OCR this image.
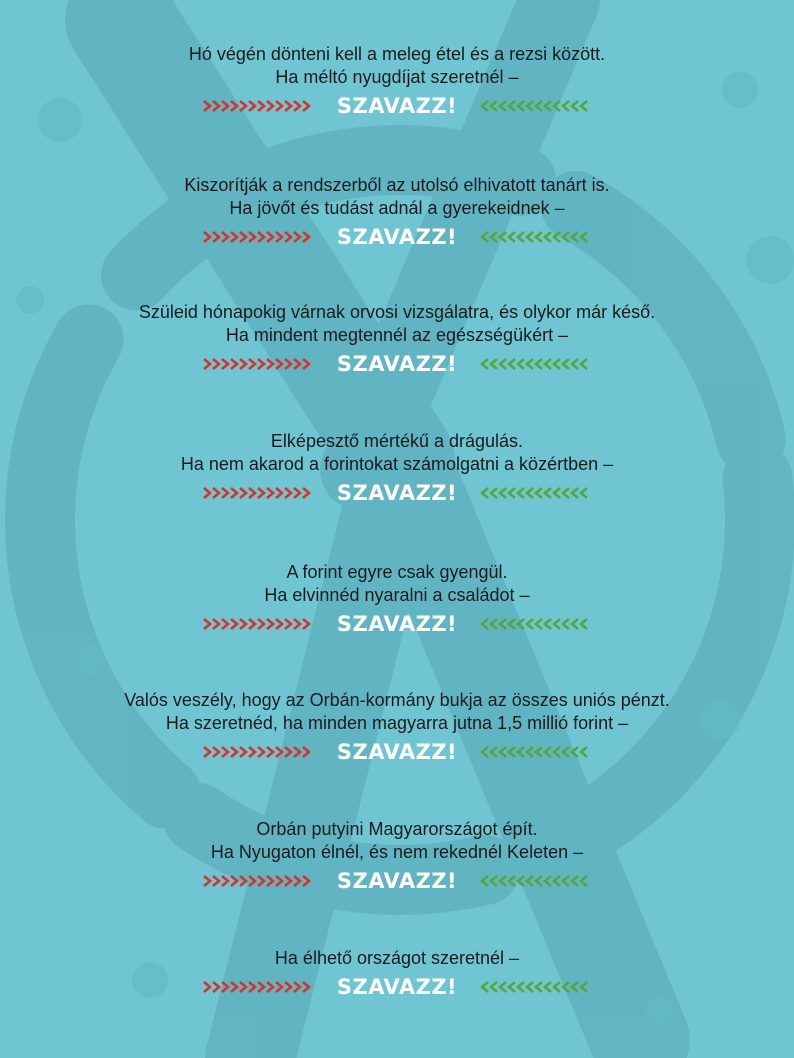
Hó végén dönteni kell a meleg étel és a rezsi között.
Ha méltó nyugdíjat szeretnél –
SZAVAZZ!
Kiszorítják a rendszerből az utolsó elhivatott tanárt is.
Ha jövőt és tudást adnál a gyerekeidnek –
SZAVAZZ!
Szüleid hónapokig várnak orvosi vizsgálatra, és olykor már késő.
Ha mindent megtennél az egészségükért –
SZAVAZZ!
Elképesztő mértékű a drágulás.
Ha nem akarod a forintokat számolgatni a közértben –
SZAVAZZ!
A forint egyre csak gyengül.
Ha elvinnéd nyaralni a családot –
SZAVAZZ!
Valós veszély, hogy az Orbán-kormány bukja az összes uniós pénzt.
Ha szeretnéd, ha minden magyarra jutna 1,5 millió forint –
SZAVAZZ!
Orbán putyini Magyarországot épít.
Ha Nyugaton élnél, és nem rekednél Keleten –
SZAVAZZ!
Ha élhető országot szeretnél –
SZAVAZZ!
